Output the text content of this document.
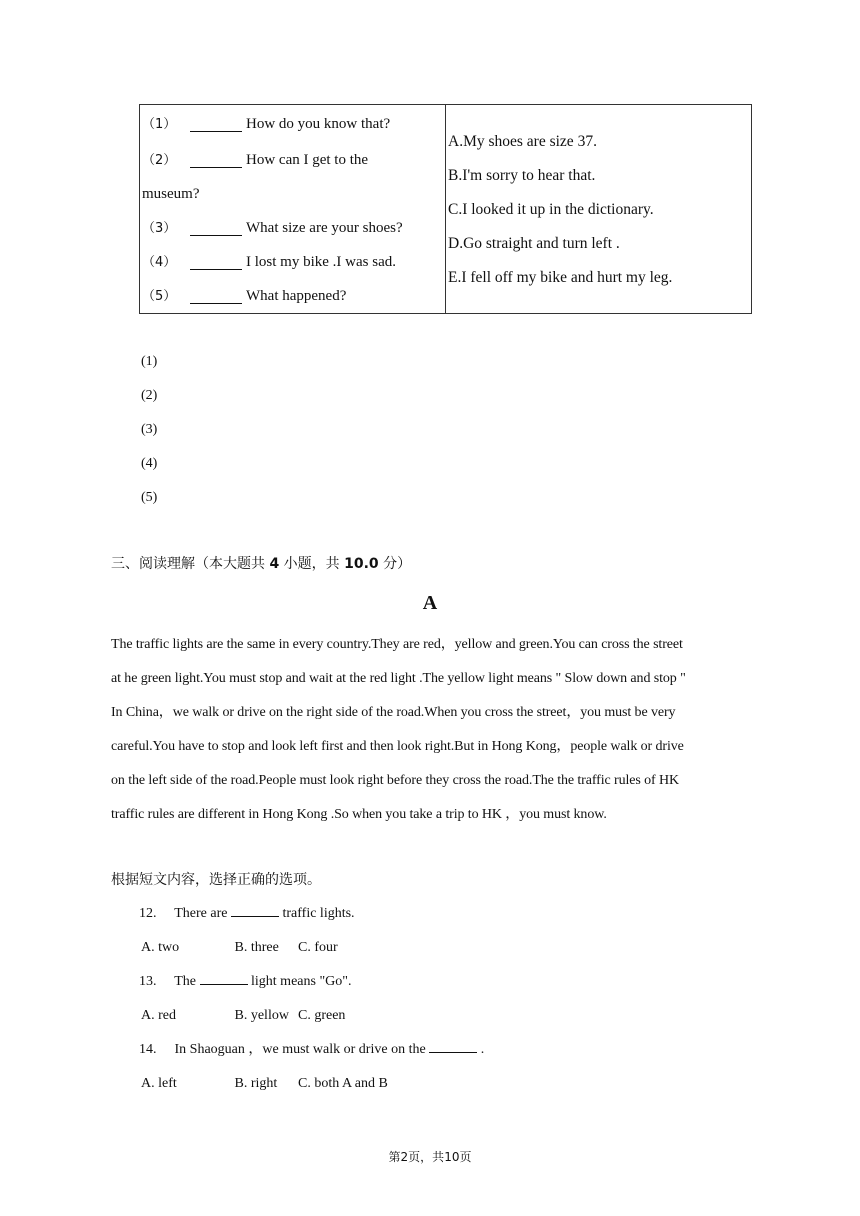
（1）	How do you know that?
（2）	How can I get to the
museum?
（3）	What size are your shoes?
（4）	I lost my bike .I was sad.
（5）	What happened?

A.My shoes are size 37.
B.I'm sorry to hear that.
C.I looked it up in the dictionary.
D.Go straight and turn left .
E.I fell off my bike and hurt my leg.
(1)
(2)
(3)
(4)
(5)
三、阅读理解（本大题共 4 小题，共 10.0 分）
A
The traffic lights are the same in every country.They are red，yellow and green.You can cross the street
at he green light.You must stop and wait at the red light .The yellow light means " Slow down and stop "
In China，we walk or drive on the right side of the road.When you cross the street，you must be very
careful.You have to stop and look left first and then look right.But in Hong Kong，people walk or drive
on the left side of the road.People must look right before they cross the road.The the traffic rules of HK
traffic rules are different in Hong Kong .So when you take a trip to HK ，you must know.
根据短文内容，选择正确的选项。
12. There are	traffic lights.
A. two	B. three C. four
13. The	light means "Go".
A. red	B. yellow C. green
14. In Shaoguan ，we must walk or drive on the	.
A. left	B. right C. both A and B
第2页，共10页
